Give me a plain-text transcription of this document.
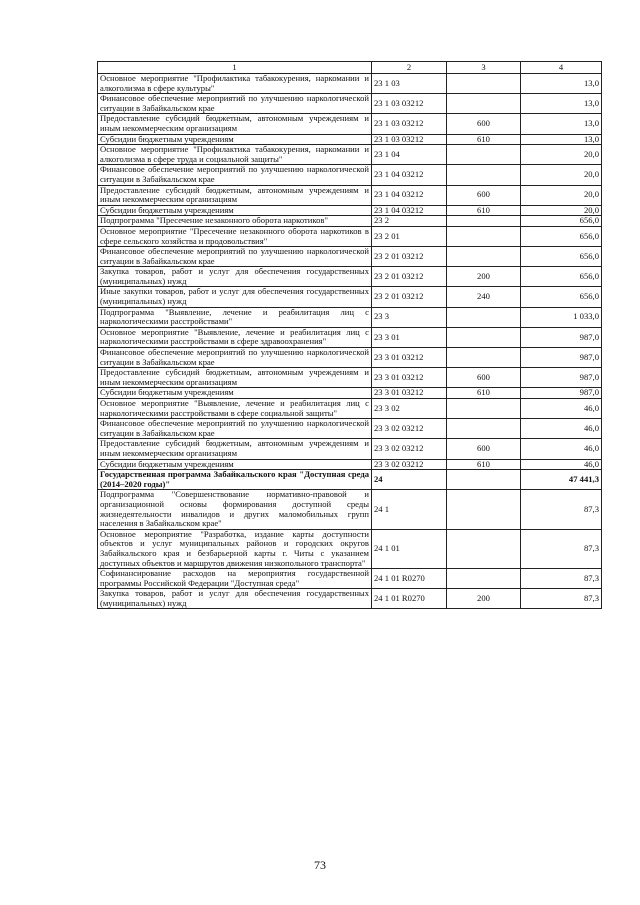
1	2	3	4
Основное мероприятие "Профилактика табакокурения, наркомании и алкоголизма в сфере культуры"	23 1 03		13,0
Финансовое обеспечение мероприятий по улучшению наркологической ситуации в Забайкальском крае	23 1 03 03212		13,0
Предоставление субсидий бюджетным, автономным учреждениям и иным некоммерческим организациям	23 1 03 03212	600	13,0
Субсидии бюджетным учреждениям	23 1 03 03212	610	13,0
Основное мероприятие "Профилактика табакокурения, наркомании и алкоголизма в сфере труда и социальной защиты"	23 1 04		20,0
Финансовое обеспечение мероприятий по улучшению наркологической ситуации в Забайкальском крае	23 1 04 03212		20,0
Предоставление субсидий бюджетным, автономным учреждениям и иным некоммерческим организациям	23 1 04 03212	600	20,0
Субсидии бюджетным учреждениям	23 1 04 03212	610	20,0
Подпрограмма "Пресечение незаконного оборота наркотиков"	23 2		656,0
Основное мероприятие "Пресечение незаконного оборота наркотиков в сфере сельского хозяйства и продовольствия"	23 2 01		656,0
Финансовое обеспечение мероприятий по улучшению наркологической ситуации в Забайкальском крае	23 2 01 03212		656,0
Закупка товаров, работ и услуг для обеспечения государственных (муниципальных) нужд	23 2 01 03212	200	656,0
Иные закупки товаров, работ и услуг для обеспечения государственных (муниципальных) нужд	23 2 01 03212	240	656,0
Подпрограмма "Выявление, лечение и реабилитация лиц с наркологическими расстройствами"	23 3		1 033,0
Основное мероприятие "Выявление, лечение и реабилитация лиц с наркологическими расстройствами в сфере здравоохранения"	23 3 01		987,0
Финансовое обеспечение мероприятий по улучшению наркологической ситуации в Забайкальском крае	23 3 01 03212		987,0
Предоставление субсидий бюджетным, автономным учреждениям и иным некоммерческим организациям	23 3 01 03212	600	987,0
Субсидии бюджетным учреждениям	23 3 01 03212	610	987,0
Основное мероприятие "Выявление, лечение и реабилитация лиц с наркологическими расстройствами в сфере социальной защиты"	23 3 02		46,0
Финансовое обеспечение мероприятий по улучшению наркологической ситуации в Забайкальском крае	23 3 02 03212		46,0
Предоставление субсидий бюджетным, автономным учреждениям и иным некоммерческим организациям	23 3 02 03212	600	46,0
Субсидии бюджетным учреждениям	23 3 02 03212	610	46,0
Государственная программа Забайкальского края "Доступная среда (2014–2020 годы)"	24		47 441,3
Подпрограмма "Совершенствование нормативно-правовой и организационной основы формирования доступной среды жизнедеятельности инвалидов и других маломобильных групп населения в Забайкальском крае"	24 1		87,3
Основное мероприятие "Разработка, издание карты доступности объектов и услуг муниципальных районов и городских округов Забайкальского края и безбарьерной карты г. Читы с указанием доступных объектов и маршрутов движения низкопольного транспорта"	24 1 01		87,3
Софинансирование расходов на мероприятия государственной программы Российской Федерации "Доступная среда"	24 1 01 R0270		87,3
Закупка товаров, работ и услуг для обеспечения государственных (муниципальных) нужд	24 1 01 R0270	200	87,3
73
